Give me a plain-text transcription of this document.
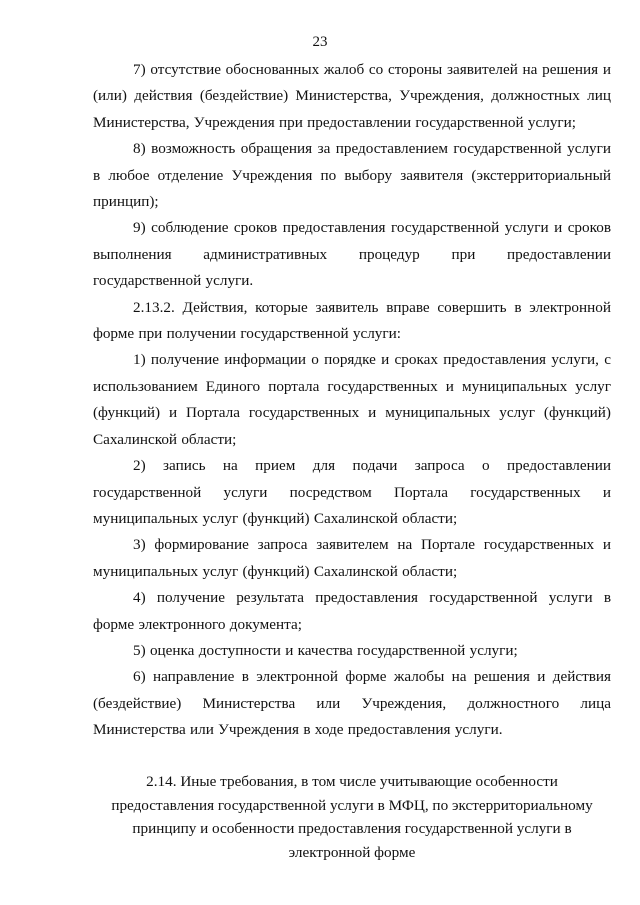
23

7) отсутствие обоснованных жалоб со стороны заявителей на решения и (или) действия (бездействие) Министерства, Учреждения, должностных лиц Министерства, Учреждения при предоставлении государственной услуги;

8) возможность обращения за предоставлением государственной услуги в любое отделение Учреждения по выбору заявителя (экстерриториальный принцип);

9) соблюдение сроков предоставления государственной услуги и сроков выполнения административных процедур при предоставлении государственной услуги.

2.13.2. Действия, которые заявитель вправе совершить в электронной форме при получении государственной услуги:

1) получение информации о порядке и сроках предоставления услуги, с использованием Единого портала государственных и муниципальных услуг (функций) и Портала государственных и муниципальных услуг (функций) Сахалинской области;

2) запись на прием для подачи запроса о предоставлении государственной услуги посредством Портала государственных и муниципальных услуг (функций) Сахалинской области;

3) формирование запроса заявителем на Портале государственных и муниципальных услуг (функций) Сахалинской области;

4) получение результата предоставления государственной услуги в форме электронного документа;

5) оценка доступности и качества государственной услуги;

6) направление в электронной форме жалобы на решения и действия (бездействие) Министерства или Учреждения, должностного лица Министерства или Учреждения в ходе предоставления услуги.

2.14. Иные требования, в том числе учитывающие особенности

предоставления государственной услуги в МФЦ, по экстерриториальному

принципу и особенности предоставления государственной услуги в

электронной форме
